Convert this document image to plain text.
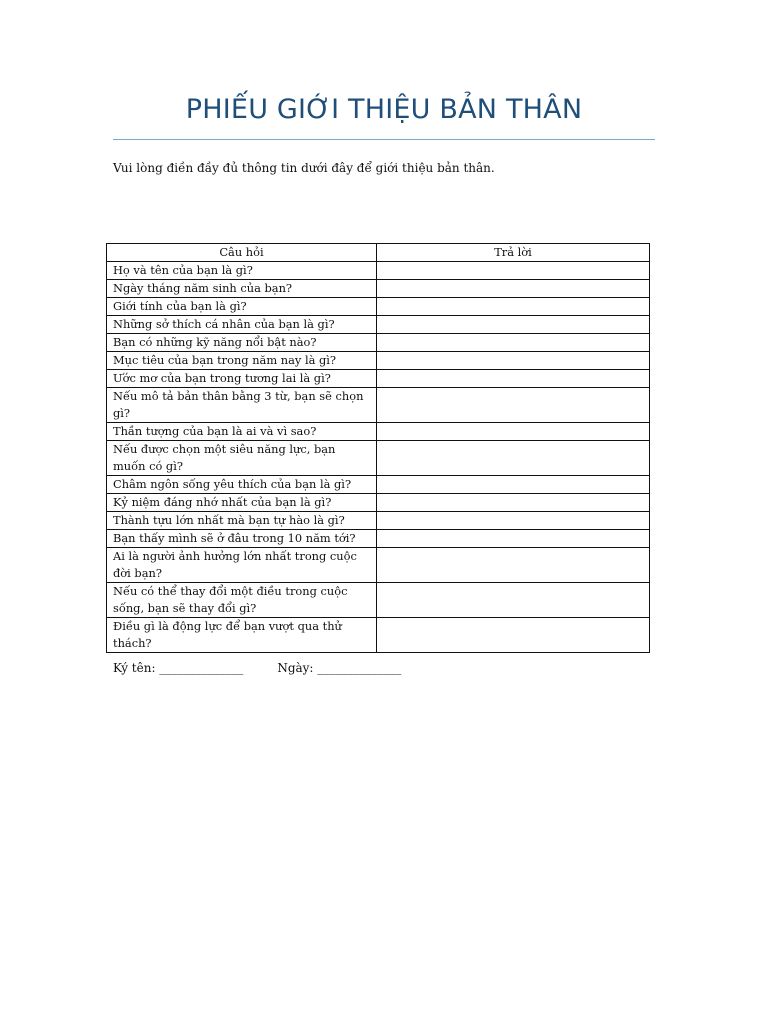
PHIẾU GIỚI THIỆU BẢN THÂN
Vui lòng điền đầy đủ thông tin dưới đây để giới thiệu bản thân.
Câu hỏi	Trả lời
Họ và tên của bạn là gì?	
Ngày tháng năm sinh của bạn?	
Giới tính của bạn là gì?	
Những sở thích cá nhân của bạn là gì?	
Bạn có những kỹ năng nổi bật nào?	
Mục tiêu của bạn trong năm nay là gì?	
Ước mơ của bạn trong tương lai là gì?	
Nếu mô tả bản thân bằng 3 từ, bạn sẽ chọn gì?	
Thần tượng của bạn là ai và vì sao?	
Nếu được chọn một siêu năng lực, bạn muốn có gì?	
Châm ngôn sống yêu thích của bạn là gì?	
Kỷ niệm đáng nhớ nhất của bạn là gì?	
Thành tựu lớn nhất mà bạn tự hào là gì?	
Bạn thấy mình sẽ ở đâu trong 10 năm tới?	
Ai là người ảnh hưởng lớn nhất trong cuộc đời bạn?	
Nếu có thể thay đổi một điều trong cuộc sống, bạn sẽ thay đổi gì?	
Điều gì là động lực để bạn vượt qua thử thách?	
Ký tên: ______________	Ngày: ______________
